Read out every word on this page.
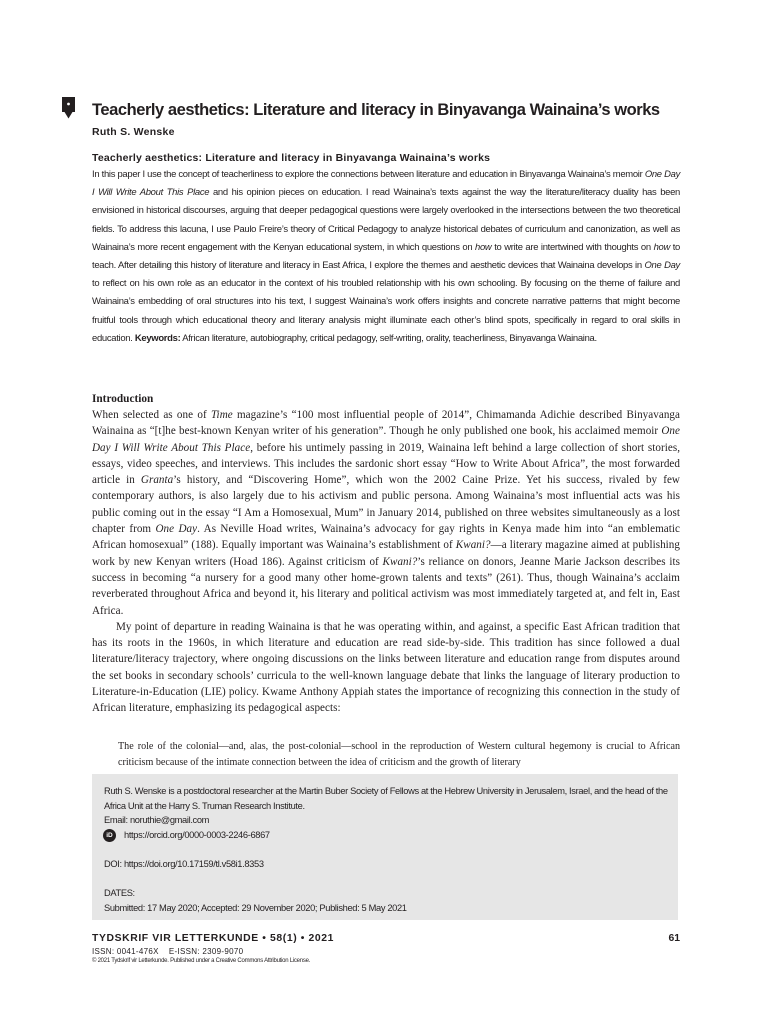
Teacherly aesthetics: Literature and literacy in Binyavanga Wainaina’s works
Ruth S. Wenske
Teacherly aesthetics: Literature and literacy in Binyavanga Wainaina’s works

In this paper I use the concept of teacherliness to explore the connections between literature and education in Binyavanga Wainaina’s memoir One Day I Will Write About This Place and his opinion pieces on education. I read Wainaina’s texts against the way the literature/literacy duality has been envisioned in historical discourses, arguing that deeper pedagogical questions were largely overlooked in the intersections between the two theoretical fields. To address this lacuna, I use Paulo Freire’s theory of Critical Pedagogy to analyze historical debates of curriculum and canonization, as well as Wainaina’s more recent engagement with the Kenyan educational system, in which questions on how to write are intertwined with thoughts on how to teach. After detailing this history of literature and literacy in East Africa, I explore the themes and aesthetic devices that Wainaina develops in One Day to reflect on his own role as an educator in the context of his troubled relationship with his own schooling. By focusing on the theme of failure and Wainaina’s embedding of oral structures into his text, I suggest Wainaina’s work offers insights and concrete narrative patterns that might become fruitful tools through which educational theory and literary analysis might illuminate each other’s blind spots, specifically in regard to oral skills in education. Keywords: African literature, autobiography, critical pedagogy, self-writing, orality, teacherliness, Binyavanga Wainaina.

Introduction

When selected as one of Time magazine’s “100 most influential people of 2014”, Chimamanda Adichie described Binyavanga Wainaina as “[t]he best-known Kenyan writer of his generation”. Though he only published one book, his acclaimed memoir One Day I Will Write About This Place, before his untimely passing in 2019, Wainaina left behind a large collection of short stories, essays, video speeches, and interviews. This includes the sardonic short essay “How to Write About Africa”, the most forwarded article in Granta’s history, and “Discovering Home”, which won the 2002 Caine Prize. Yet his success, rivaled by few contemporary authors, is also largely due to his activism and public persona. Among Wainaina’s most influential acts was his public coming out in the essay “I Am a Homosexual, Mum” in January 2014, published on three websites simultaneously as a lost chapter from One Day. As Neville Hoad writes, Wainaina’s advocacy for gay rights in Kenya made him into “an emblematic African homosexual” (188). Equally important was Wainaina’s establishment of Kwani?—a literary magazine aimed at publishing work by new Kenyan writers (Hoad 186). Against criticism of Kwani?’s reliance on donors, Jeanne Marie Jackson describes its success in becoming “a nursery for a good many other home-grown talents and texts” (261). Thus, though Wainaina’s acclaim reverberated throughout Africa and beyond it, his literary and political activism was most immediately targeted at, and felt in, East Africa.

My point of departure in reading Wainaina is that he was operating within, and against, a specific East African tradition that has its roots in the 1960s, in which literature and education are read side-by-side. This tradition has since followed a dual literature/literacy trajectory, where ongoing discussions on the links between literature and education range from disputes around the set books in secondary schools’ curricula to the well-known language debate that links the language of literary production to Literature-in-Education (LIE) policy. Kwame Anthony Appiah states the importance of recognizing this connection in the study of African literature, emphasizing its pedagogical aspects:

The role of the colonial—and, alas, the post-colonial—school in the reproduction of Western cultural hegemony is crucial to African criticism because of the intimate connection between the idea of criticism and the growth of literary

Ruth S. Wenske is a postdoctoral researcher at the Martin Buber Society of Fellows at the Hebrew University in Jerusalem, Israel, and the head of the Africa Unit at the Harry S. Truman Research Institute.
Email: noruthie@gmail.com
iD	https://orcid.org/0000-0003-2246-6867
DOI: https://doi.org/10.17159/tl.v58i1.8353
DATES:
Submitted: 17 May 2020; Accepted: 29 November 2020; Published: 5 May 2021
TYDSKRIF VIR LETTERKUNDE • 58(1) • 2021	61
ISSN: 0041-476X    E-ISSN: 2309-9070
© 2021 Tydskrif vir Letterkunde. Published under a Creative Commons Attribution License.
